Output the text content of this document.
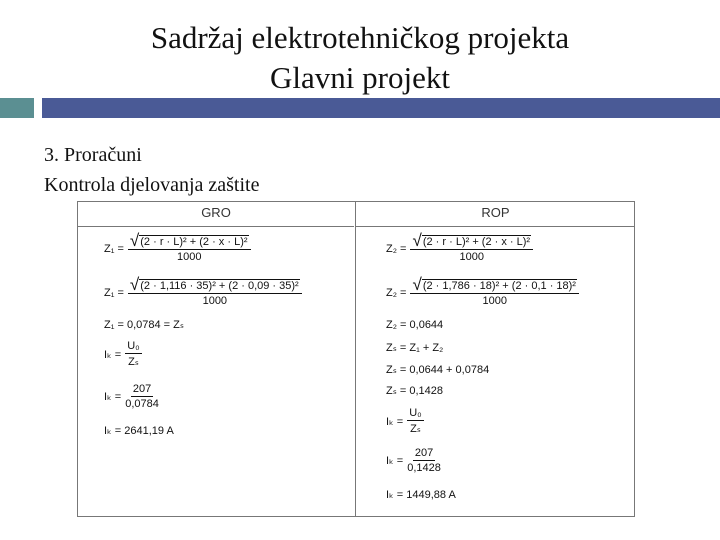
Sadržaj elektrotehničkog projekta
Glavni projekt
3. Proračuni
Kontrola djelovanja zaštite
GRO
$Z_1 = \frac{\text{√ (2 · r · L)² + (2 · x · L)²}}{1000}$
$Z_1 = \frac{\text{√ (2 · 1,116 · 35)² + (2 · 0,09 · 35)²}}{1000}$
Z₁ = 0,0784 = Zₛ
$I_k = \frac{\text{U₀}}{\text{Zₛ}}$
$I_k = \frac{207}{0,0784}$
Iₖ = 2641,19 A
ROP
$Z_2 = \frac{\text{√ (2 · r · L)² + (2 · x · L)²}}{1000}$
$Z_2 = \frac{\text{√ (2 · 1,786 · 18)² + (2 · 0,1 · 18)²}}{1000}$
Z₂ = 0,0644
Zₛ = Z₁ + Z₂
Zₛ = 0,0644 + 0,0784
Zₛ = 0,1428
$I_k = \frac{\text{U₀}}{\text{Zₛ}}$
$I_k = \frac{207}{0,1428}$
Iₖ = 1449,88 A
